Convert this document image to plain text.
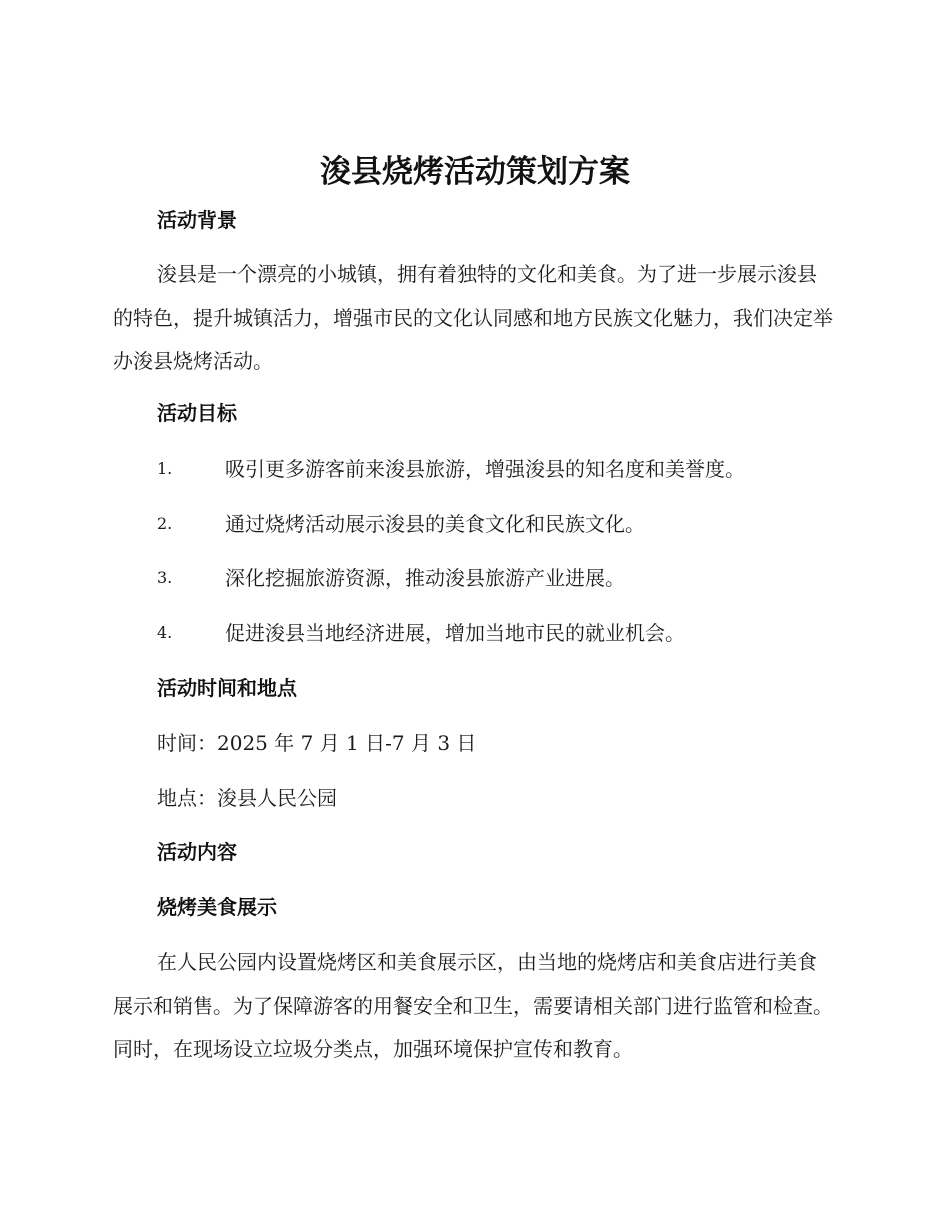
浚县烧烤活动策划方案
活动背景
浚县是一个漂亮的小城镇，拥有着独特的文化和美食。为了进一步展示浚县的特色，提升城镇活力，增强市民的文化认同感和地方民族文化魅力，我们决定举办浚县烧烤活动。
活动目标
1.	吸引更多游客前来浚县旅游，增强浚县的知名度和美誉度。
2.	通过烧烤活动展示浚县的美食文化和民族文化。
3.	深化挖掘旅游资源，推动浚县旅游产业进展。
4.	促进浚县当地经济进展，增加当地市民的就业机会。
活动时间和地点
时间：2025 年 7 月 1 日-7 月 3 日
地点：浚县人民公园
活动内容
烧烤美食展示
在人民公园内设置烧烤区和美食展示区，由当地的烧烤店和美食店进行美食展示和销售。为了保障游客的用餐安全和卫生，需要请相关部门进行监管和检查。同时，在现场设立垃圾分类点，加强环境保护宣传和教育。
